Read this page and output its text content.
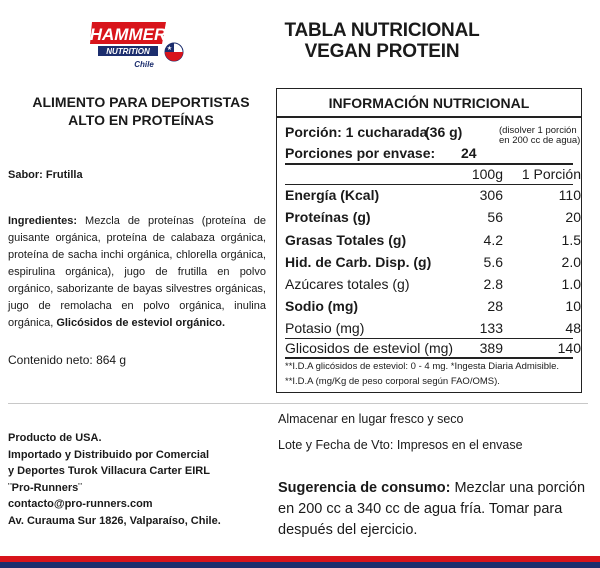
HAMMER
NUTRITION	★
Chile
TABLA NUTRICIONAL
VEGAN PROTEIN
ALIMENTO PARA DEPORTISTAS
ALTO EN PROTEÍNAS
Sabor: Frutilla
Ingredientes: Mezcla de proteínas (proteína de guisante orgánica, proteína de calabaza orgánica, proteína de sacha inchi orgánica, chlorella orgánica, espirulina orgánica), jugo de frutilla en polvo orgánico, saborizante de bayas silvestres orgánicas, jugo de remolacha en polvo orgánica, inulina orgánica, Glicósidos de esteviol orgánico.
Contenido neto: 864 g
Producto de USA.
Importado y Distribuido por Comercial
y Deportes Turok Villacura Carter EIRL
¨Pro-Runners¨
contacto@pro-runners.com
Av. Curauma Sur 1826, Valparaíso, Chile.
INFORMACIÓN NUTRICIONAL
Porción: 1 cucharada
(36 g)	(disolver 1 porción en 200 cc de agua)
Porciones por envase: 24
100g	1 Porción
Energía (Kcal)	306	110
Proteínas (g)	56	20
Grasas Totales (g)	4.2	1.5
Hid. de Carb. Disp. (g)	5.6	2.0
Azúcares totales (g)	2.8	1.0
Sodio (mg)	28	10
Potasio (mg)	133	48
Glicosidos de esteviol (mg)	389	140
**I.D.A glicósidos de esteviol: 0 - 4 mg. *Ingesta Diaria Admisible.
**I.D.A (mg/Kg de peso corporal según FAO/OMS).
Almacenar en lugar fresco y seco
Lote y Fecha de Vto: Impresos en el envase
Sugerencia de consumo: Mezclar una porción en 200 cc a 340 cc de agua fría. Tomar para después del ejercicio.
